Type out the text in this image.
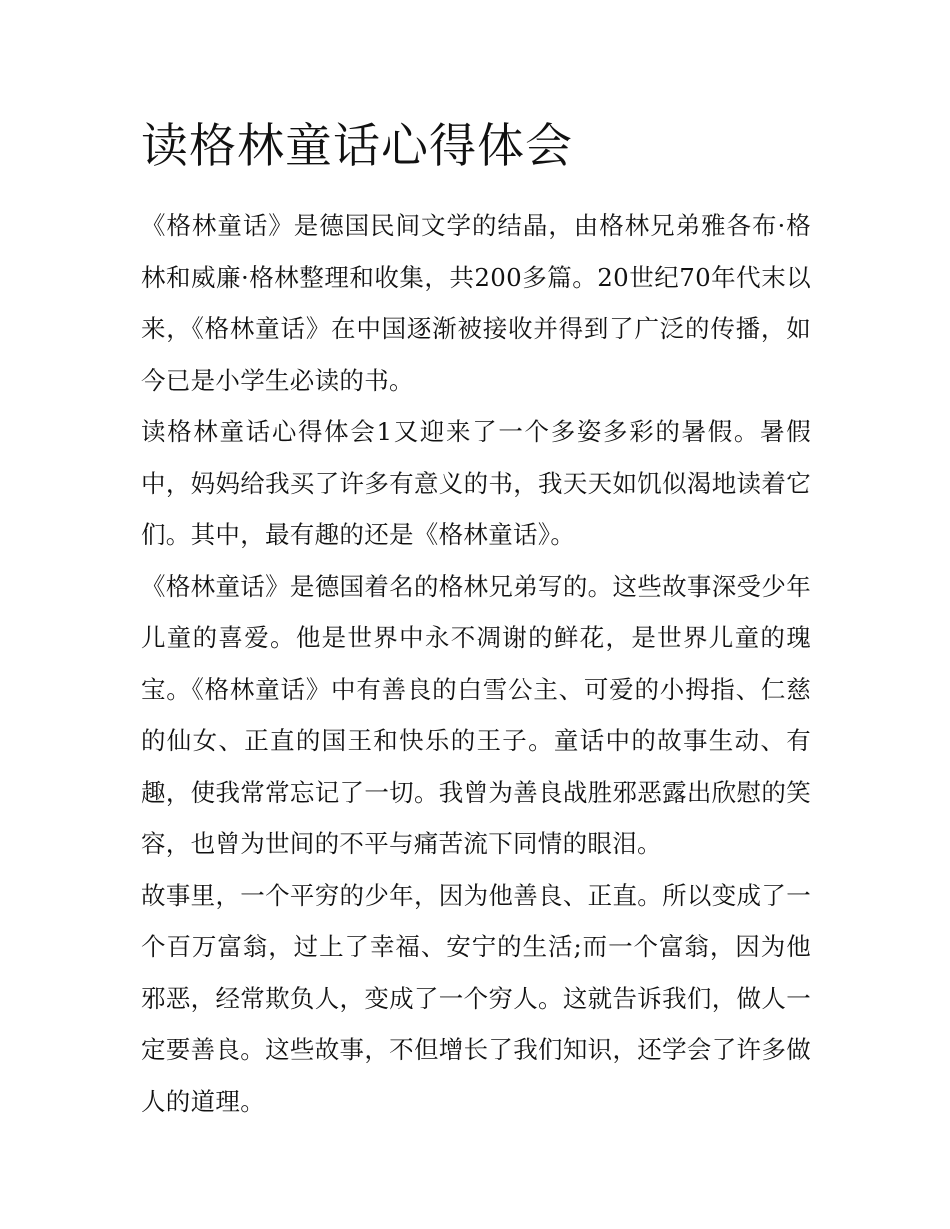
读格林童话心得体会

《格林童话》是德国民间文学的结晶，由格林兄弟雅各布·格林和威廉·格林整理和收集，共200多篇。20世纪70年代末以来，《格林童话》在中国逐渐被接收并得到了广泛的传播，如今已是小学生必读的书。

读格林童话心得体会1又迎来了一个多姿多彩的暑假。暑假中，妈妈给我买了许多有意义的书，我天天如饥似渴地读着它们。其中，最有趣的还是《格林童话》。

《格林童话》是德国着名的格林兄弟写的。这些故事深受少年儿童的喜爱。他是世界中永不凋谢的鲜花，是世界儿童的瑰宝。《格林童话》中有善良的白雪公主、可爱的小拇指、仁慈的仙女、正直的国王和快乐的王子。童话中的故事生动、有趣，使我常常忘记了一切。我曾为善良战胜邪恶露出欣慰的笑容，也曾为世间的不平与痛苦流下同情的眼泪。

故事里，一个平穷的少年，因为他善良、正直。所以变成了一个百万富翁，过上了幸福、安宁的生活;而一个富翁，因为他邪恶，经常欺负人，变成了一个穷人。这就告诉我们，做人一定要善良。这些故事，不但增长了我们知识，还学会了许多做人的道理。
